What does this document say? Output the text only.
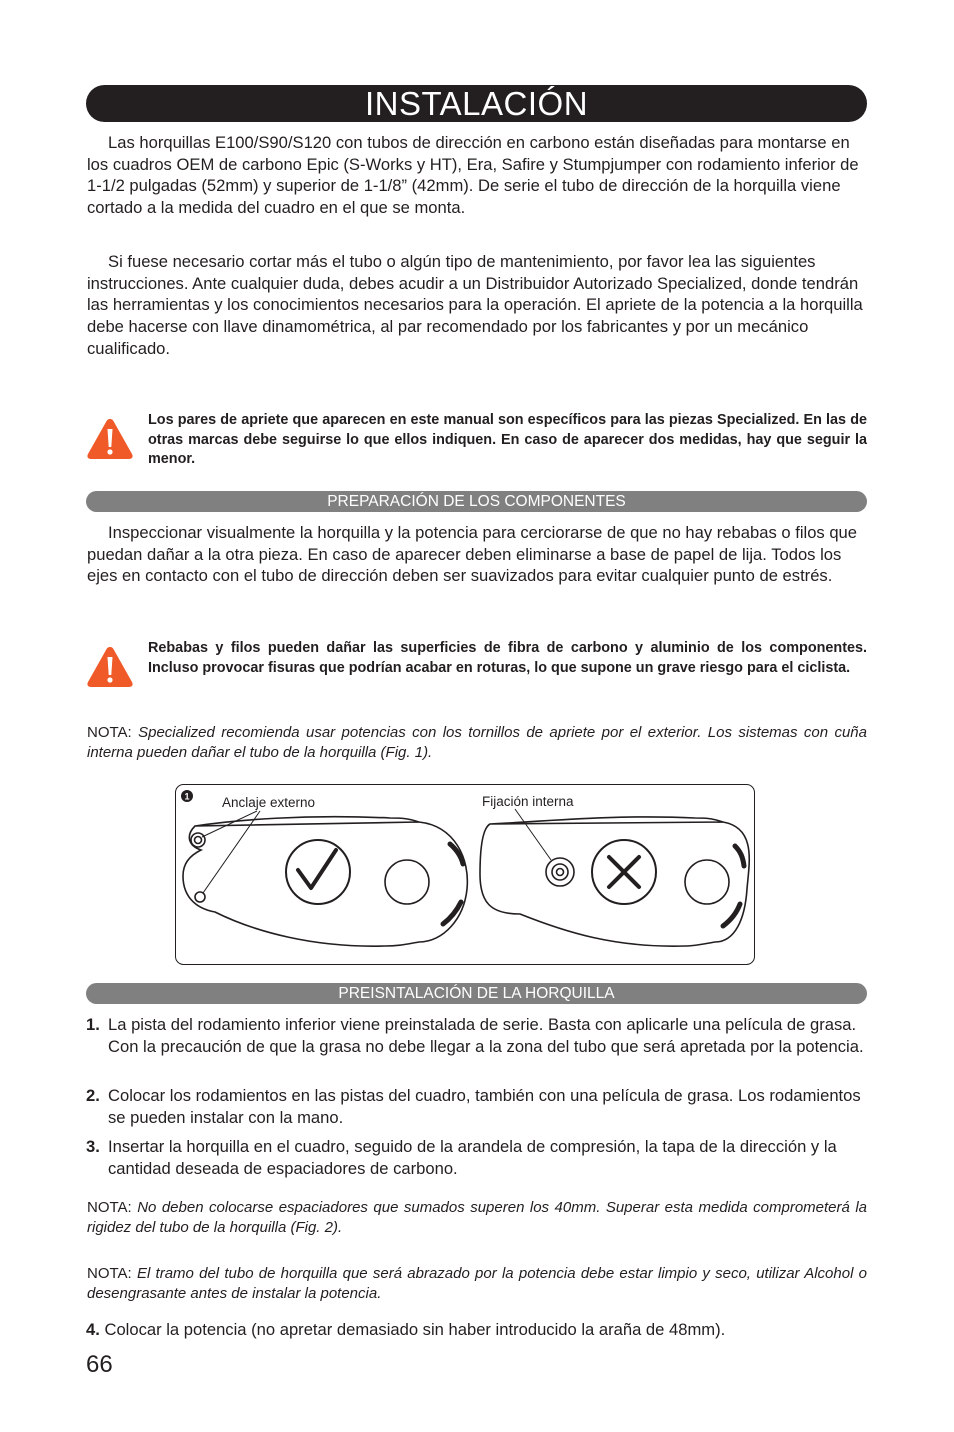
INSTALACIÓN

Las horquillas E100/S90/S120 con tubos de dirección en carbono están diseñadas para montarse en los cuadros OEM de carbono Epic (S-Works y HT), Era, Safire y Stumpjumper con rodamiento inferior de 1-1/2 pulgadas (52mm) y superior de 1-1/8” (42mm). De serie el tubo de dirección de la horquilla viene cortado a la medida del cuadro en el que se monta.

Si fuese necesario cortar más el tubo o algún tipo de mantenimiento, por favor lea las siguientes instrucciones. Ante cualquier duda, debes acudir a un Distribuidor Autorizado Specialized, donde tendrán las herramientas y los conocimientos necesarios para la operación. El apriete de la potencia a la horquilla debe hacerse con llave dinamométrica, al par recomendado por los fabricantes y por un mecánico cualificado.

Los pares de apriete que aparecen en este manual son específicos para las piezas Specialized. En las de otras marcas debe seguirse lo que ellos indiquen. En caso de aparecer dos medidas, hay que seguir la menor.

PREPARACIÓN DE LOS COMPONENTES

Inspeccionar visualmente la horquilla y la potencia para cerciorarse de que no hay rebabas o filos que puedan dañar a la otra pieza. En caso de aparecer deben eliminarse a base de papel de lija. Todos los ejes en contacto con el tubo de dirección deben ser suavizados para evitar cualquier punto de estrés.

Rebabas y filos pueden dañar las superficies de fibra de carbono y aluminio de los componentes. Incluso provocar fisuras que podrían acabar en roturas, lo que supone un grave riesgo para el ciclista.

NOTA: Specialized recomienda usar potencias con los tornillos de apriete por el exterior. Los sistemas con cuña interna pueden dañar el tubo de la horquilla (Fig. 1).

1 Anclaje externo	Fijación interna
PREISNTALACIÓN DE LA HORQUILLA
1. La pista del rodamiento inferior viene preinstalada de serie. Basta con aplicarle una película de grasa. Con la precaución de que la grasa no debe llegar a la zona del tubo que será apretada por la potencia.
2. Colocar los rodamientos en las pistas del cuadro, también con una película de grasa. Los rodamientos se pueden instalar con la mano.
3. Insertar la horquilla en el cuadro, seguido de la arandela de compresión, la tapa de la dirección y la cantidad deseada de espaciadores de carbono.

NOTA: No deben colocarse espaciadores que sumados superen los 40mm. Superar esta medida comprometerá la rigidez del tubo de la horquilla (Fig. 2).

NOTA: El tramo del tubo de horquilla que será abrazado por la potencia debe estar limpio y seco, utilizar Alcohol o desengrasante antes de instalar la potencia.

4. Colocar la potencia (no apretar demasiado sin haber introducido la araña de 48mm).
66
